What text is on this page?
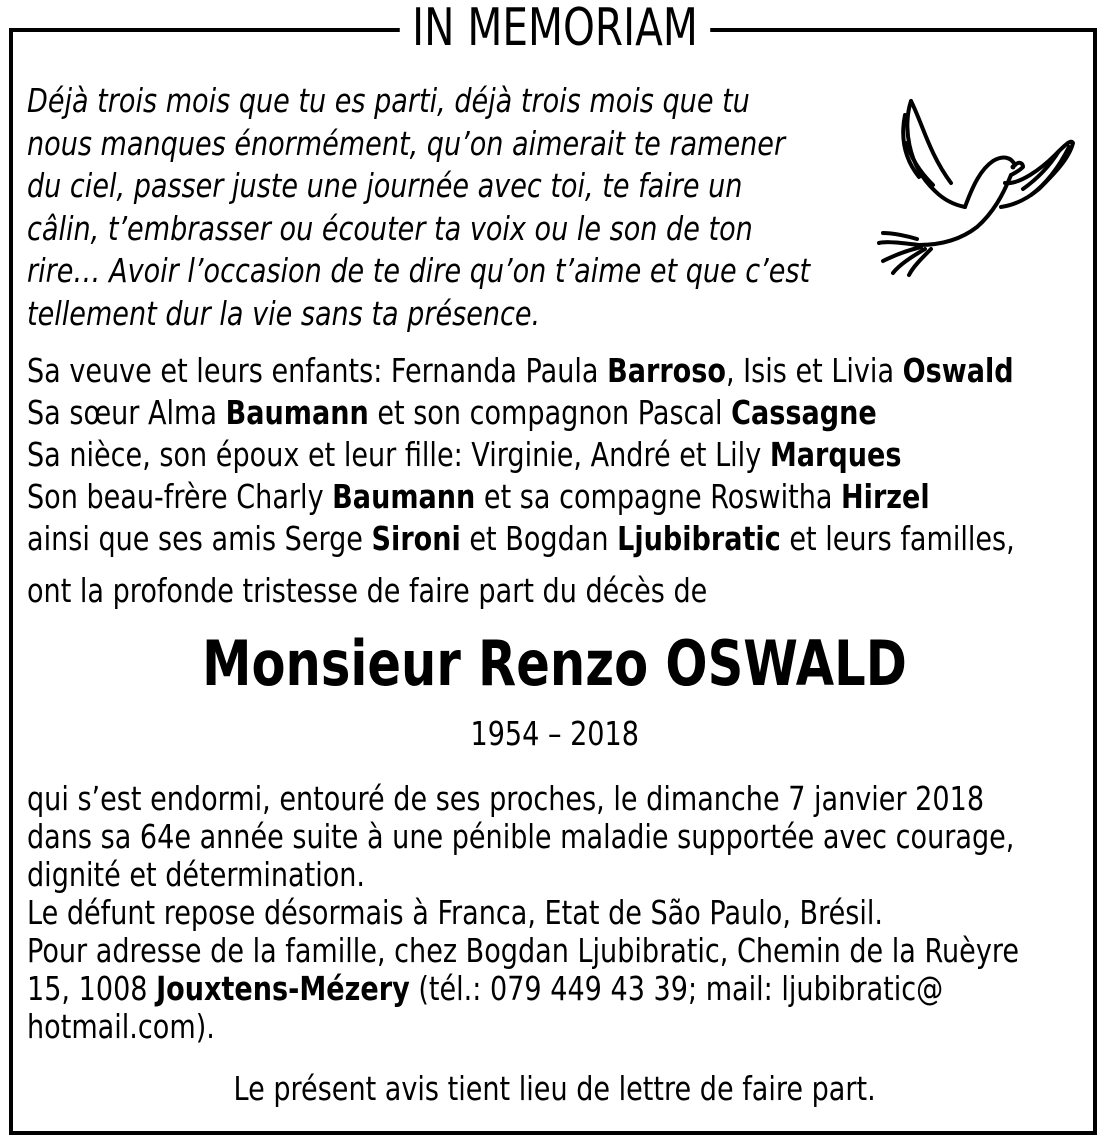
IN MEMORIAM
Déjà trois mois que tu es parti, déjà trois mois que tu
nous manques énormément, qu’on aimerait te ramener
du ciel, passer juste une journée avec toi, te faire un
câlin, t’embrasser ou écouter ta voix ou le son de ton
rire… Avoir l’occasion de te dire qu’on t’aime et que c’est
tellement dur la vie sans ta présence.
Sa veuve et leurs enfants: Fernanda Paula Barroso, Isis et Livia Oswald
Sa sœur Alma Baumann et son compagnon Pascal Cassagne
Sa nièce, son époux et leur fille: Virginie, André et Lily Marques
Son beau-frère Charly Baumann et sa compagne Roswitha Hirzel
ainsi que ses amis Serge Sironi et Bogdan Ljubibratic et leurs familles,
ont la profonde tristesse de faire part du décès de
Monsieur Renzo OSWALD
1954 – 2018
qui s’est endormi, entouré de ses proches, le dimanche 7 janvier 2018
dans sa 64e année suite à une pénible maladie supportée avec courage,
dignité et détermination.
Le défunt repose désormais à Franca, Etat de São Paulo, Brésil.
Pour adresse de la famille, chez Bogdan Ljubibratic, Chemin de la Ruèyre
15, 1008 Jouxtens-Mézery (tél.: 079 449 43 39; mail: ljubibratic@
hotmail.com).
Le présent avis tient lieu de lettre de faire part.
